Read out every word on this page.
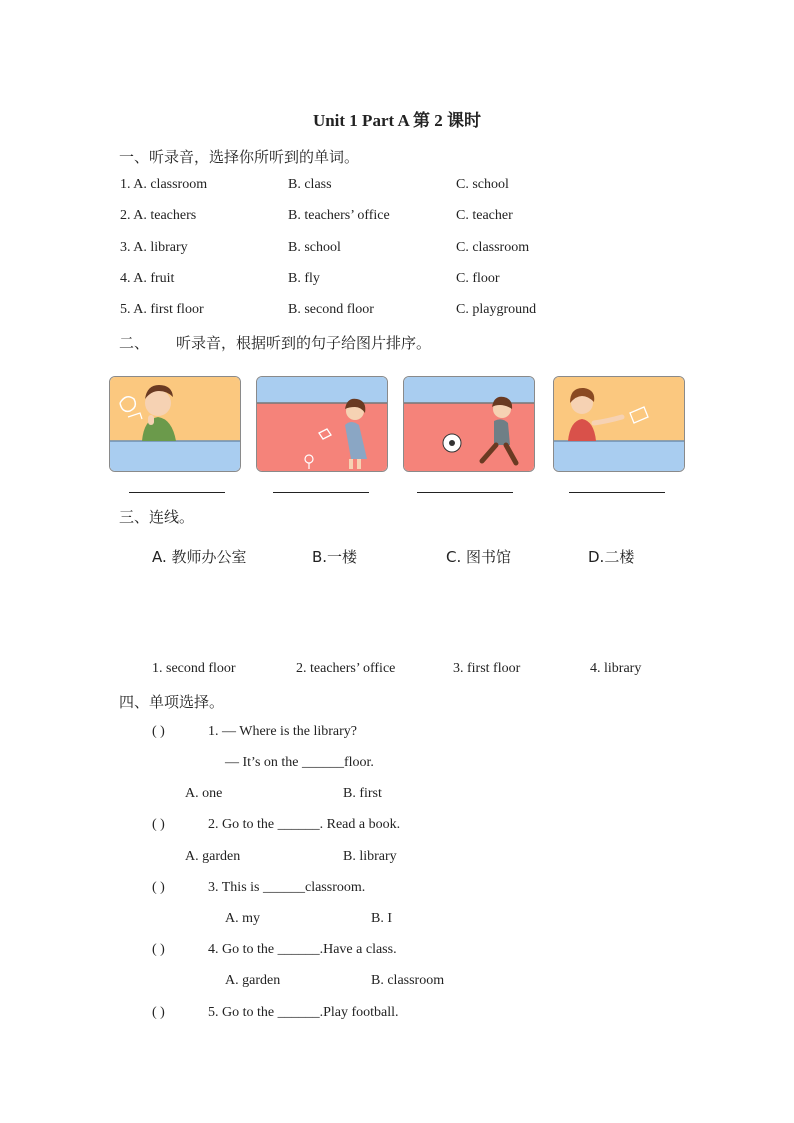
Unit 1 Part A 第 2 课时
一、听录音，选择你所听到的单词。
1. A. classroom	B. class	C. school
2. A. teachers	B. teachers’ office	C. teacher
3. A. library	B. school	C. classroom
4. A. fruit	B. fly	C. floor
5. A. first floor	B. second floor	C. playground
二、 听录音，根据听到的句子给图片排序。
三、连线。
A. 教师办公室	B.一楼	C. 图书馆	D.二楼
1. second floor	2. teachers’ office	3. first floor	4. library
四、单项选择。
( )	1. — Where is the library?
— It’s on the ______floor.
A. one	B. first
( )	2. Go to the ______. Read a book.
A. garden	B. library
( )	3. This is ______classroom.
A. my	B. I
( )	4. Go to the ______.Have a class.
A. garden	B. classroom
( )	5. Go to the ______.Play football.
